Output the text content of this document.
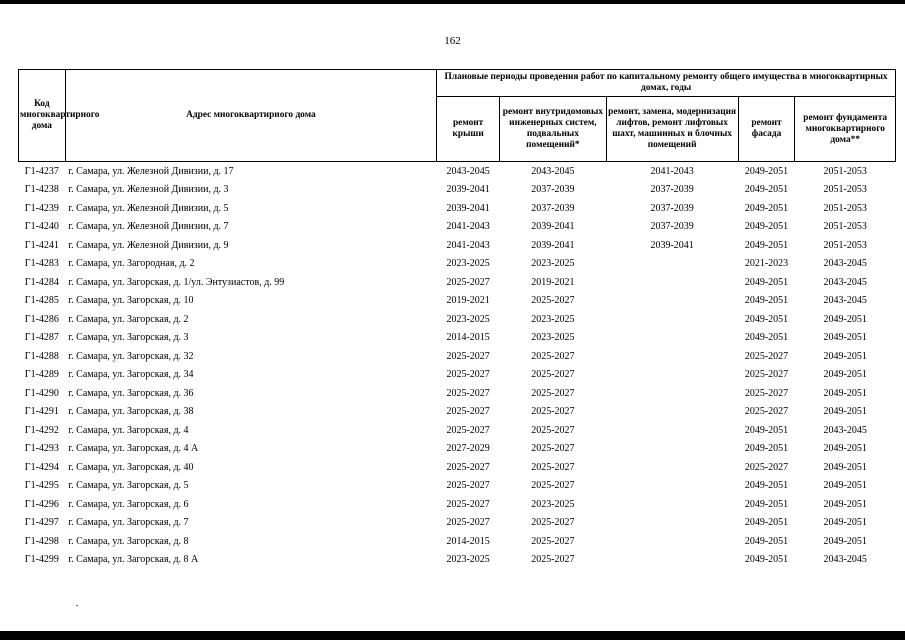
162
Код многоквартирного дома	Адрес многоквартирного дома	Плановые периоды проведения работ по капитальному ремонту общего имущества в многоквартирных домах, годы				
		ремонт крыши	ремонт внутридомовых инженерных систем, подвальных помещений*	ремонт, замена, модернизация лифтов, ремонт лифтовых шахт, машинных и блочных помещений	ремонт фасада	ремонт фундамента многоквартирного дома**
Г1-4237	г. Самара, ул. Железной Дивизии, д. 17	2043-2045	2043-2045	2041-2043	2049-2051	2051-2053
Г1-4238	г. Самара, ул. Железной Дивизии, д. 3	2039-2041	2037-2039	2037-2039	2049-2051	2051-2053
Г1-4239	г. Самара, ул. Железной Дивизии, д. 5	2039-2041	2037-2039	2037-2039	2049-2051	2051-2053
Г1-4240	г. Самара, ул. Железной Дивизии, д. 7	2041-2043	2039-2041	2037-2039	2049-2051	2051-2053
Г1-4241	г. Самара, ул. Железной Дивизии, д. 9	2041-2043	2039-2041	2039-2041	2049-2051	2051-2053
Г1-4283	г. Самара, ул. Загородная, д. 2	2023-2025	2023-2025		2021-2023	2043-2045
Г1-4284	г. Самара, ул. Загорская, д. 1/ул. Энтузиастов, д. 99	2025-2027	2019-2021		2049-2051	2043-2045
Г1-4285	г. Самара, ул. Загорская, д. 10	2019-2021	2025-2027		2049-2051	2043-2045
Г1-4286	г. Самара, ул. Загорская, д. 2	2023-2025	2023-2025		2049-2051	2049-2051
Г1-4287	г. Самара, ул. Загорская, д. 3	2014-2015	2023-2025		2049-2051	2049-2051
Г1-4288	г. Самара, ул. Загорская, д. 32	2025-2027	2025-2027		2025-2027	2049-2051
Г1-4289	г. Самара, ул. Загорская, д. 34	2025-2027	2025-2027		2025-2027	2049-2051
Г1-4290	г. Самара, ул. Загорская, д. 36	2025-2027	2025-2027		2025-2027	2049-2051
Г1-4291	г. Самара, ул. Загорская, д. 38	2025-2027	2025-2027		2025-2027	2049-2051
Г1-4292	г. Самара, ул. Загорская, д. 4	2025-2027	2025-2027		2049-2051	2043-2045
Г1-4293	г. Самара, ул. Загорская, д. 4 А	2027-2029	2025-2027		2049-2051	2049-2051
Г1-4294	г. Самара, ул. Загорская, д. 40	2025-2027	2025-2027		2025-2027	2049-2051
Г1-4295	г. Самара, ул. Загорская, д. 5	2025-2027	2025-2027		2049-2051	2049-2051
Г1-4296	г. Самара, ул. Загорская, д. 6	2025-2027	2023-2025		2049-2051	2049-2051
Г1-4297	г. Самара, ул. Загорская, д. 7	2025-2027	2025-2027		2049-2051	2049-2051
Г1-4298	г. Самара, ул. Загорская, д. 8	2014-2015	2025-2027		2049-2051	2049-2051
Г1-4299	г. Самара, ул. Загорская, д. 8 А	2023-2025	2025-2027		2049-2051	2043-2045
